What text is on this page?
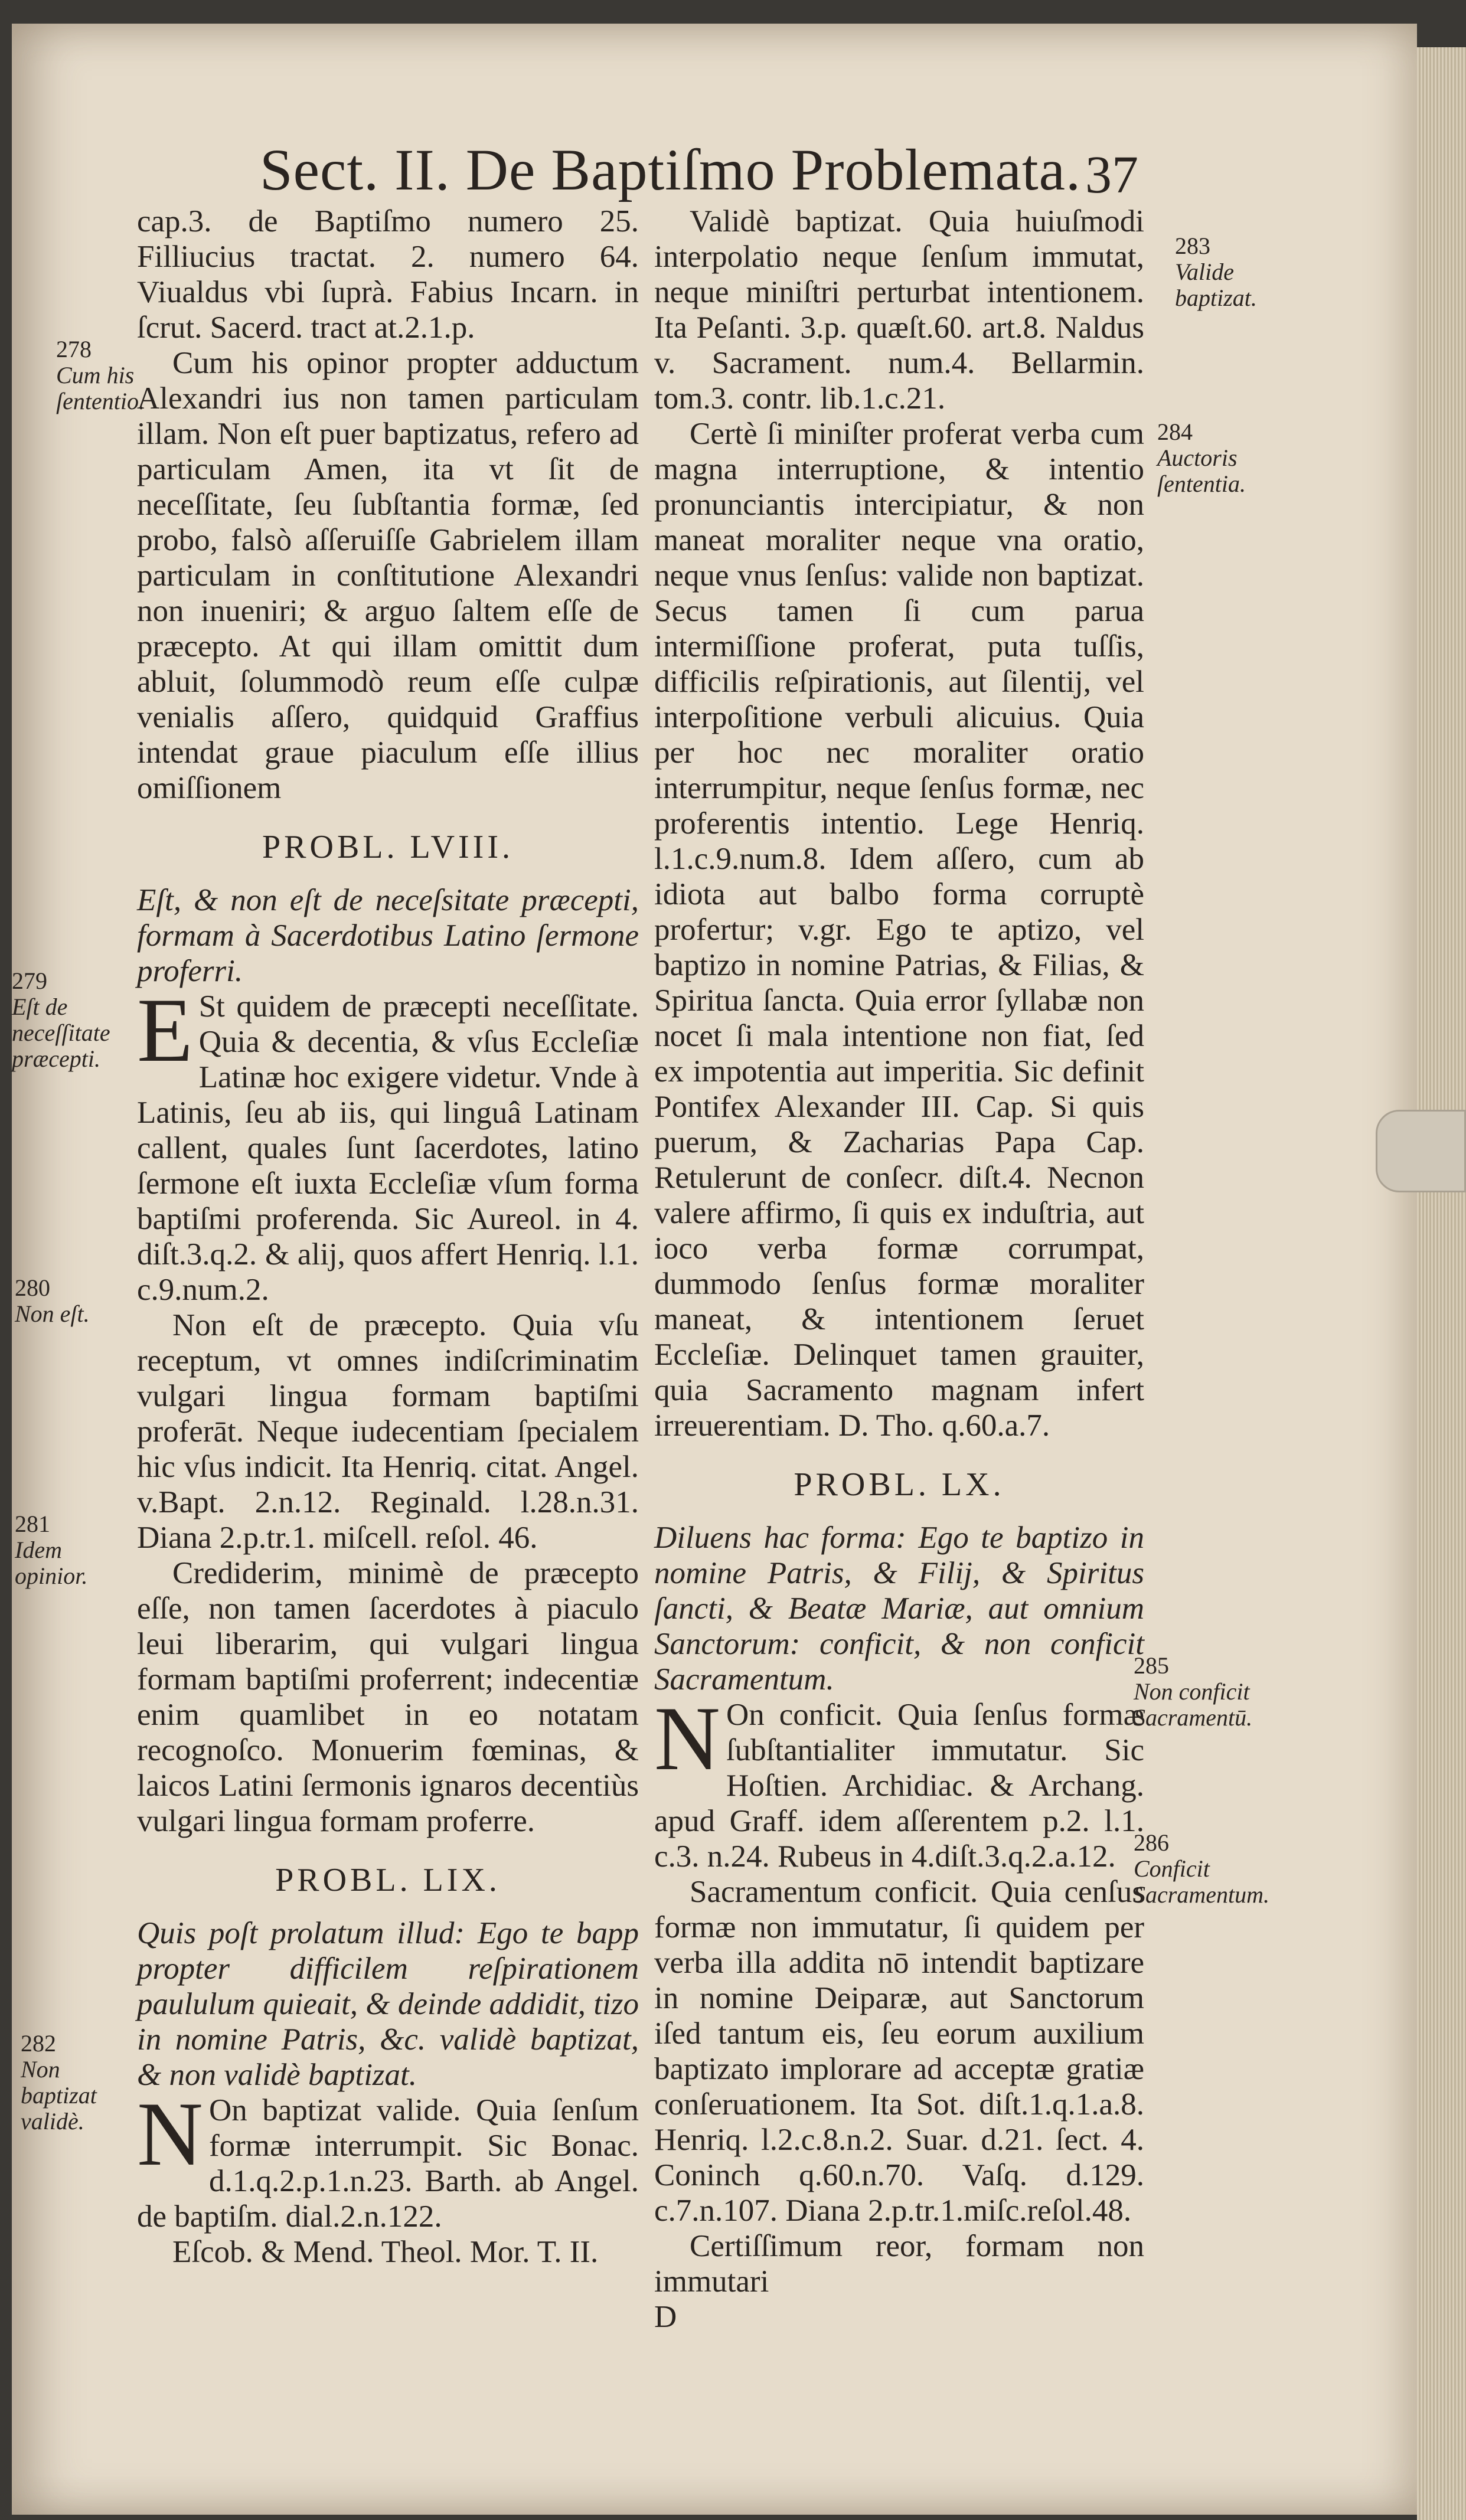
Sect. II. De Baptiſmo Problemata. 37

cap.3. de Baptiſmo numero 25. Filliucius tractat. 2. numero 64. Viualdus vbi ſuprà. Fabius Incarn. in ſcrut. Sacerd. tract at.2.1.p.

Cum his opinor propter adductum Alexandri ius non tamen particulam illam. Non eſt puer baptizatus, refero ad particulam Amen, ita vt ſit de neceſſitate, ſeu ſubſtantia formæ, ſed probo, falsò aſſeruiſſe Gabrielem illam particulam in conſtitutione Alexandri non inueniri; & arguo ſaltem eſſe de præcepto. At qui illam omittit dum abluit, ſolummodò reum eſſe culpæ venialis aſſero, quidquid Graffius intendat graue piaculum eſſe illius omiſſionem

PROBL. LVIII.

Eſt, & non eſt de neceſsitate præcepti, formam à Sacerdotibus Latino ſermone proferri.

E St quidem de præcepti neceſſitate. Quia & decentia, & vſus Eccleſiæ Latinæ hoc exigere videtur. Vnde à Latinis, ſeu ab iis, qui linguâ Latinam callent, quales ſunt ſacerdotes, latino ſermone eſt iuxta Eccleſiæ vſum forma baptiſmi proferenda. Sic Aureol. in 4. diſt.3.q.2. & alij, quos affert Henriq. l.1. c.9.num.2.

Non eſt de præcepto. Quia vſu receptum, vt omnes indiſcriminatim vulgari lingua formam baptiſmi proferāt. Neque iudecentiam ſpecialem hic vſus indicit. Ita Henriq. citat. Angel. v.Bapt. 2.n.12. Reginald. l.28.n.31. Diana 2.p.tr.1. miſcell. reſol. 46.

Crediderim, minimè de præcepto eſſe, non tamen ſacerdotes à piaculo leui liberarim, qui vulgari lingua formam baptiſmi proferrent; indecentiæ enim quamlibet in eo notatam recognoſco. Monuerim fœminas, & laicos Latini ſermonis ignaros decentiùs vulgari lingua formam proferre.

PROBL. LIX.

Quis poſt prolatum illud: Ego te bapp propter difficilem reſpirationem paululum quieait, & deinde addidit, tizo in nomine Patris, &c. validè baptizat, & non validè baptizat.

N On baptizat valide. Quia ſenſum formæ interrumpit. Sic Bonac. d.1.q.2.p.1.n.23. Barth. ab Angel. de baptiſm. dial.2.n.122.

Eſcob. & Mend. Theol. Mor. T. II.

Validè baptizat. Quia huiuſmodi interpolatio neque ſenſum immutat, neque miniſtri perturbat intentionem. Ita Peſanti. 3.p. quæſt.60. art.8. Naldus v. Sacrament. num.4. Bellarmin. tom.3. contr. lib.1.c.21.

Certè ſi miniſter proferat verba cum magna interruptione, & intentio pronunciantis intercipiatur, & non maneat moraliter neque vna oratio, neque vnus ſenſus: valide non baptizat. Secus tamen ſi cum parua intermiſſione proferat, puta tuſſis, difficilis reſpirationis, aut ſilentij, vel interpoſitione verbuli alicuius. Quia per hoc nec moraliter oratio interrumpitur, neque ſenſus formæ, nec proferentis intentio. Lege Henriq. l.1.c.9.num.8. Idem aſſero, cum ab idiota aut balbo forma corruptè profertur; v.gr. Ego te aptizo, vel baptizo in nomine Patrias, & Filias, & Spiritua ſancta. Quia error ſyllabæ non nocet ſi mala intentione non fiat, ſed ex impotentia aut imperitia. Sic definit Pontifex Alexander III. Cap. Si quis puerum, & Zacharias Papa Cap. Retulerunt de conſecr. diſt.4. Necnon valere affirmo, ſi quis ex induſtria, aut ioco verba formæ corrumpat, dummodo ſenſus formæ moraliter maneat, & intentionem ſeruet Eccleſiæ. Delinquet tamen grauiter, quia Sacramento magnam infert irreuerentiam. D. Tho. q.60.a.7.

PROBL. LX.

Diluens hac forma: Ego te baptizo in nomine Patris, & Filij, & Spiritus ſancti, & Beatæ Mariæ, aut omnium Sanctorum: conficit, & non conficit Sacramentum.

N On conficit. Quia ſenſus formæ ſubſtantialiter immutatur. Sic Hoſtien. Archidiac. & Archang. apud Graff. idem aſſerentem p.2. l.1. c.3. n.24. Rubeus in 4.diſt.3.q.2.a.12.

Sacramentum conficit. Quia cenſus formæ non immutatur, ſi quidem per verba illa addita nō intendit baptizare in nomine Deiparæ, aut Sanctorum iſed tantum eis, ſeu eorum auxilium baptizato implorare ad acceptæ gratiæ conſeruationem. Ita Sot. diſt.1.q.1.a.8. Henriq. l.2.c.8.n.2. Suar. d.21. ſect. 4. Coninch q.60.n.70. Vaſq. d.129. c.7.n.107. Diana 2.p.tr.1.miſc.reſol.48.

Certiſſimum reor, formam non immutari

D

278
Cum his ſententio.
279
Eſt de neceſſitate præcepti.
280
Non eſt.
281
Idem opinior.
282
Non baptizat validè.
283
Valide baptizat.
284
Auctoris ſententia.
285
Non conficit Sacramentū.
286
Conficit Sacramentum.
